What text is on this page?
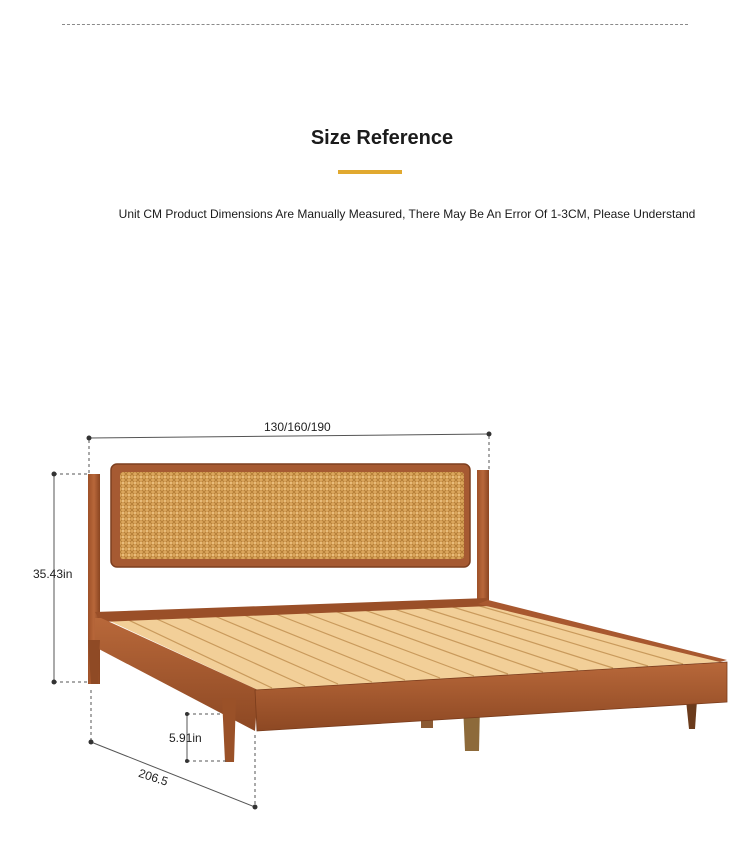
Size Reference
Unit CM Product Dimensions Are Manually Measured, There May Be An Error Of 1-3CM, Please Understand
130/160/190
35.43in
5.91in
206.5
